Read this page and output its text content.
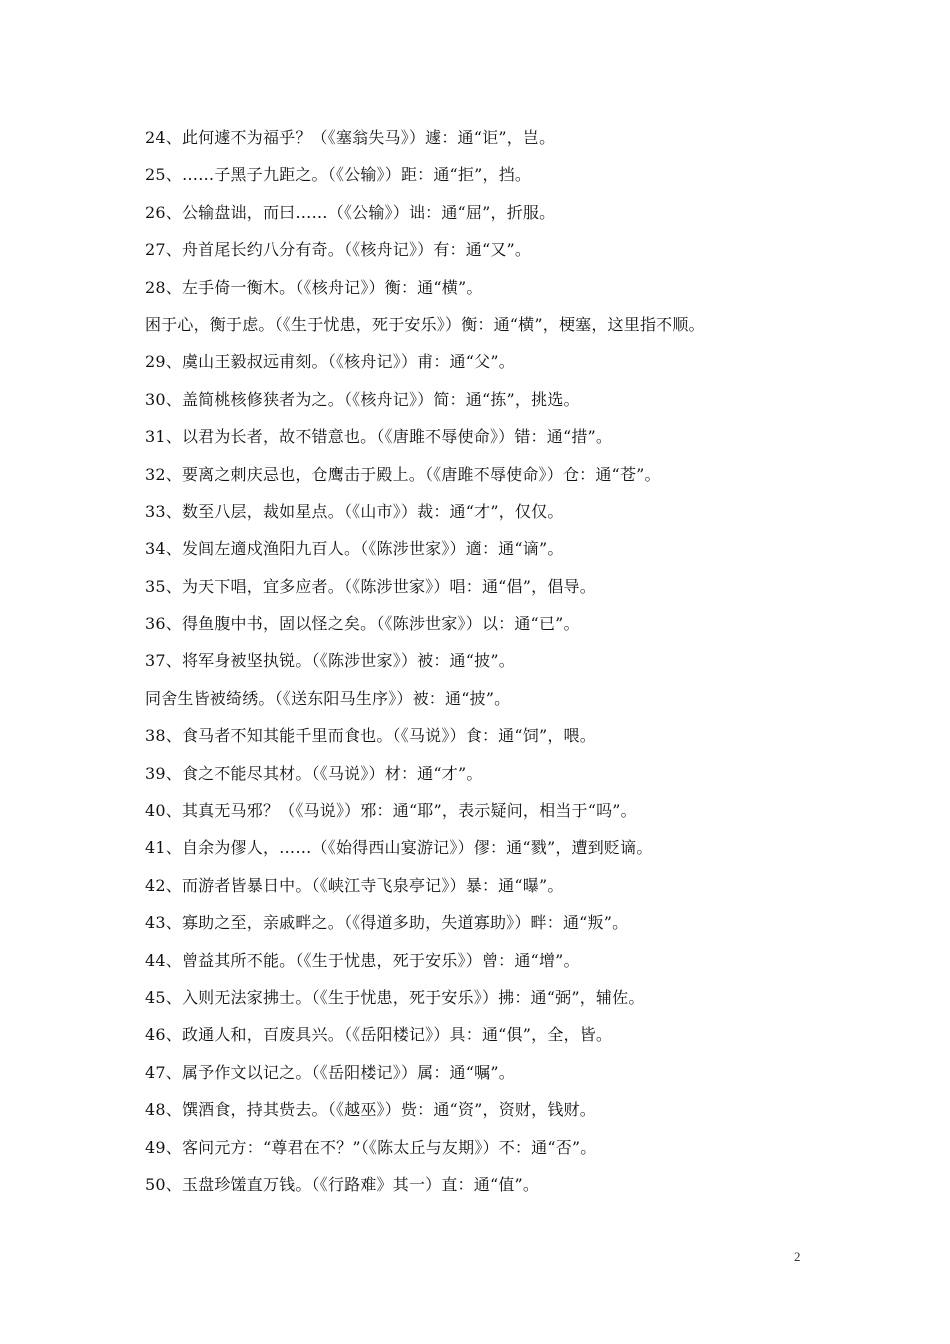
24、此何遽不为福乎？（《塞翁失马》）遽：通“讵”，岂。
25、……子黑子九距之。（《公输》）距：通“拒”，挡。
26、公输盘诎，而曰……（《公输》）诎：通“屈”，折服。
27、舟首尾长约八分有奇。（《核舟记》）有：通“又”。
28、左手倚一衡木。（《核舟记》）衡：通“横”。
困于心，衡于虑。（《生于忧患，死于安乐》）衡：通“横”，梗塞，这里指不顺。
29、虞山王毅叔远甫刻。（《核舟记》）甫：通“父”。
30、盖简桃核修狭者为之。（《核舟记》）简：通“拣”，挑选。
31、以君为长者，故不错意也。（《唐雎不辱使命》）错：通“措”。
32、要离之刺庆忌也，仓鹰击于殿上。（《唐雎不辱使命》）仓：通“苍”。
33、数至八层，裁如星点。（《山市》）裁：通“才”，仅仅。
34、发闾左適戍渔阳九百人。（《陈涉世家》）適：通“谪”。
35、为天下唱，宜多应者。（《陈涉世家》）唱：通“倡”，倡导。
36、得鱼腹中书，固以怪之矣。（《陈涉世家》）以：通“已”。
37、将军身被坚执锐。（《陈涉世家》）被：通“披”。
同舍生皆被绮绣。（《送东阳马生序》）被：通“披”。
38、食马者不知其能千里而食也。（《马说》）食：通“饲”，喂。
39、食之不能尽其材。（《马说》）材：通“才”。
40、其真无马邪？（《马说》）邪：通“耶”，表示疑问，相当于“吗”。
41、自余为僇人，……（《始得西山宴游记》）僇：通“戮”，遭到贬谪。
42、而游者皆暴日中。（《峡江寺飞泉亭记》）暴：通“曝”。
43、寡助之至，亲戚畔之。（《得道多助，失道寡助》）畔：通“叛”。
44、曾益其所不能。（《生于忧患，死于安乐》）曾：通“增”。
45、入则无法家拂士。（《生于忧患，死于安乐》）拂：通“弼”，辅佐。
46、政通人和，百废具兴。（《岳阳楼记》）具：通“俱”，全，皆。
47、属予作文以记之。（《岳阳楼记》）属：通“嘱”。
48、馔酒食，持其赀去。（《越巫》）赀：通“资”，资财，钱财。
49、客问元方：“尊君在不？”（《陈太丘与友期》）不：通“否”。
50、玉盘珍馐直万钱。（《行路难》其一）直：通“值”。
2
